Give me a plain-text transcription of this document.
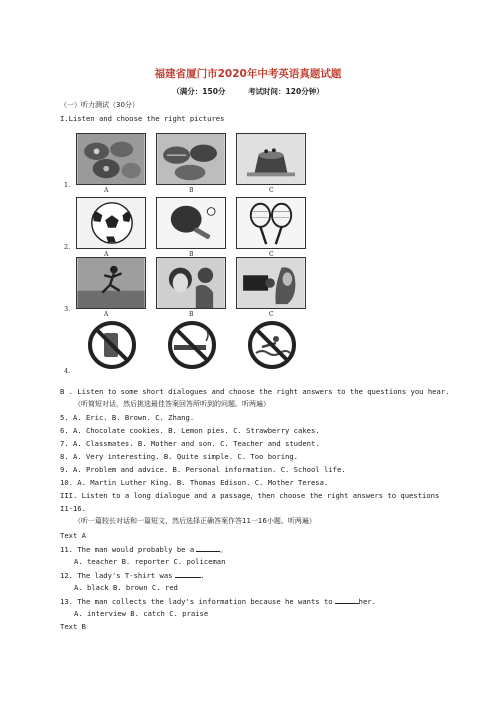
福建省厦门市2020年中考英语真题试题
（满分：150分	考试时间：120分钟）
（一）听力测试（30分）
I.Listen and choose the right pictures
1.
A	B	C
2.
A	B	C
3.
A	B	C
4.
B . Listen to some short dialogues and choose the right answers to the questions you hear.
（听简短对话，然后挑选最佳答案回答所听到的问题。听两遍）
5. A. Eric. B. Brown. C. Zhang.
6. A. Chocolate cookies. B. Lemon pies. C. Strawberry cakes.
7. A. Classmates. B. Mother and son. C. Teacher and student.
8. A. Very interesting. B. Quite simple. C. Too boring.
9. A. Problem and advice. B. Personal information. C. School life.
10. A. Martin Luther King. B. Thomas Edison. C. Mother Teresa.
III. Listen to a long dialogue and a passage，then choose the right answers to questions
I1-16.
（听一篇较长对话和一篇短文，然后选择正确答案作答11一16小题。听两遍）
Text A
11. The man would probably be a	。
A. teacher B. reporter C. policeman
12. The lady's T-shirt was	.
A. black B. brown C. red
13. The man collects the lady's information because he wants to	her.
A. interview B. catch C. praise
Text B
